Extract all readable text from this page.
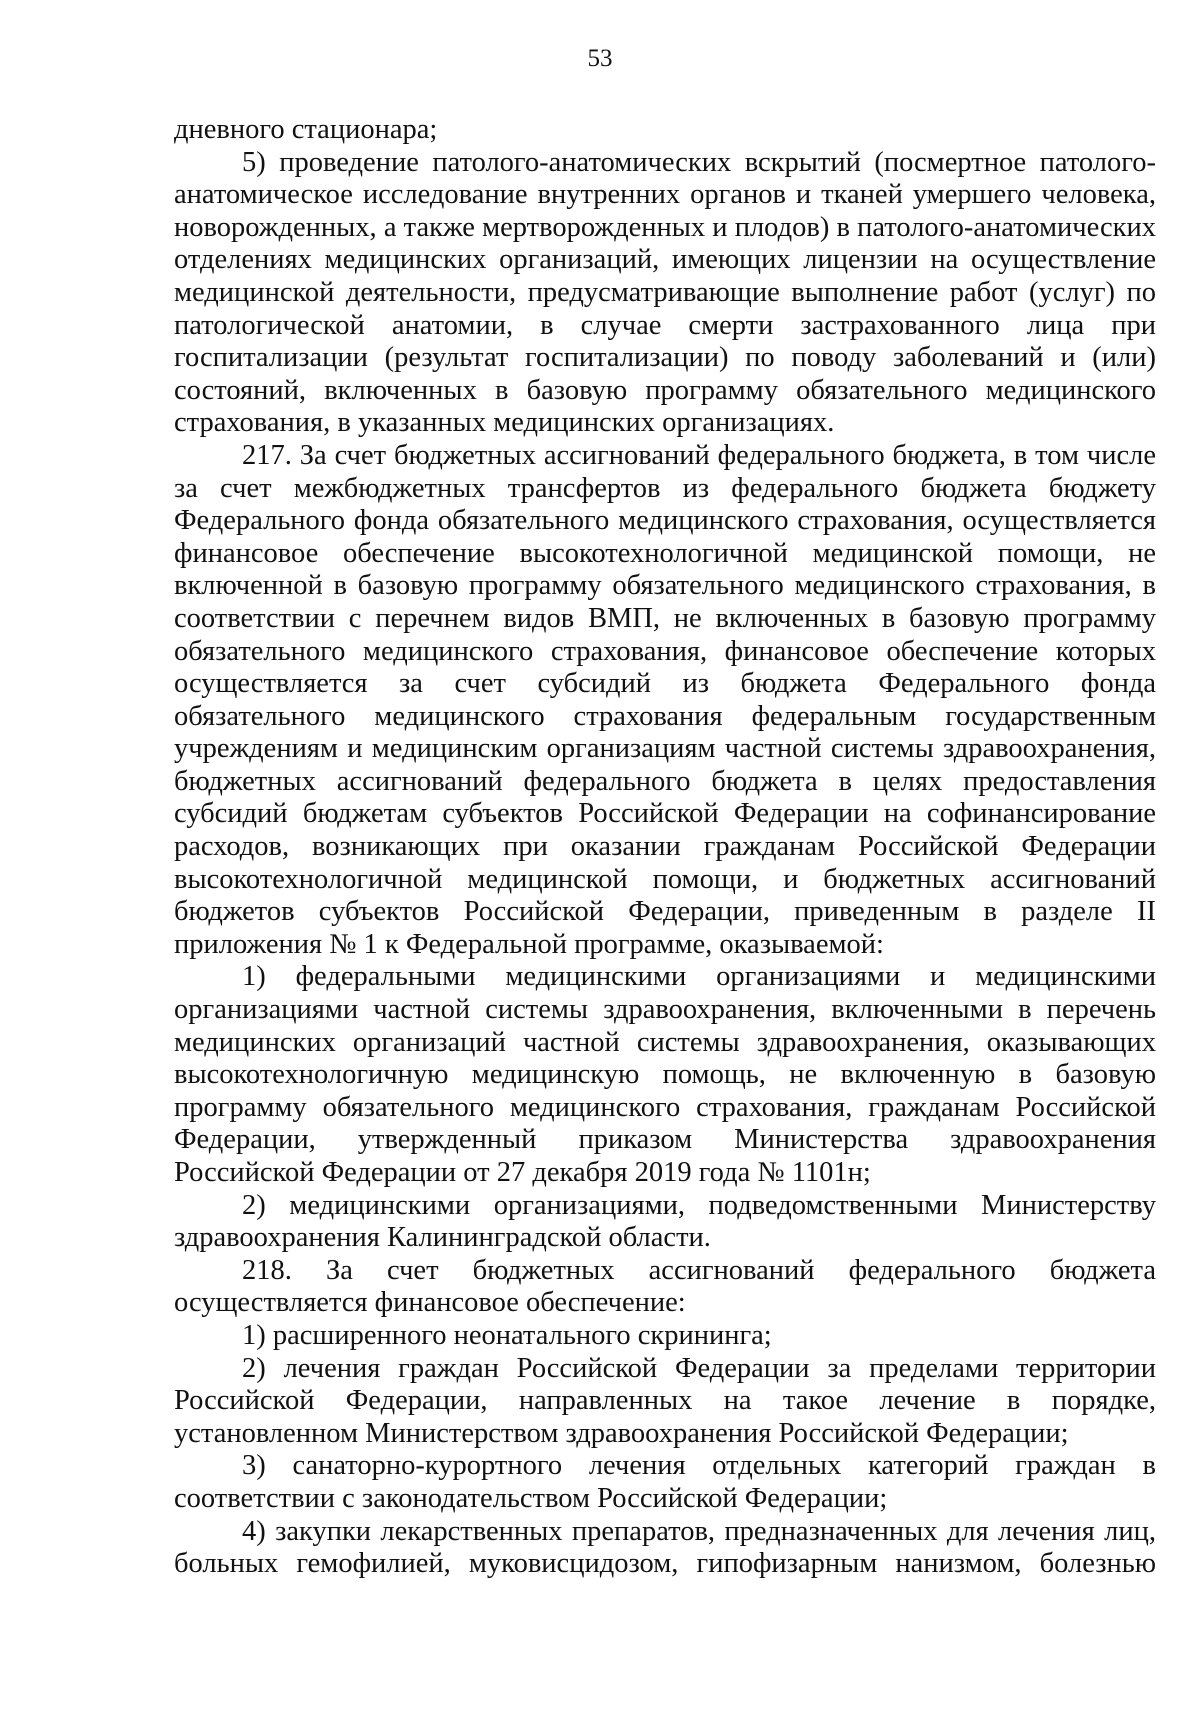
53

дневного стационара;

5) проведение патолого-анатомических вскрытий (посмертное патолого-анатомическое исследование внутренних органов и тканей умершего человека, новорожденных, а также мертворожденных и плодов) в патолого-анатомических отделениях медицинских организаций, имеющих лицензии на осуществление медицинской деятельности, предусматривающие выполнение работ (услуг) по патологической анатомии, в случае смерти застрахованного лица при госпитализации (результат госпитализации) по поводу заболеваний и (или) состояний, включенных в базовую программу обязательного медицинского страхования, в указанных медицинских организациях.

217. За счет бюджетных ассигнований федерального бюджета, в том числе за счет межбюджетных трансфертов из федерального бюджета бюджету Федерального фонда обязательного медицинского страхования, осуществляется финансовое обеспечение высокотехнологичной медицинской помощи, не включенной в базовую программу обязательного медицинского страхования, в соответствии с перечнем видов ВМП, не включенных в базовую программу обязательного медицинского страхования, финансовое обеспечение которых осуществляется за счет субсидий из бюджета Федерального фонда обязательного медицинского страхования федеральным государственным учреждениям и медицинским организациям частной системы здравоохранения, бюджетных ассигнований федерального бюджета в целях предоставления субсидий бюджетам субъектов Российской Федерации на софинансирование расходов, возникающих при оказании гражданам Российской Федерации высокотехнологичной медицинской помощи, и бюджетных ассигнований бюджетов субъектов Российской Федерации, приведенным в разделе II приложения № 1 к Федеральной программе, оказываемой:

1) федеральными медицинскими организациями и медицинскими организациями частной системы здравоохранения, включенными в перечень медицинских организаций частной системы здравоохранения, оказывающих высокотехнологичную медицинскую помощь, не включенную в базовую программу обязательного медицинского страхования, гражданам Российской Федерации, утвержденный приказом Министерства здравоохранения Российской Федерации от 27 декабря 2019 года № 1101н;

2) медицинскими организациями, подведомственными Министерству здравоохранения Калининградской области.

218. За счет бюджетных ассигнований федерального бюджета осуществляется финансовое обеспечение:

1) расширенного неонатального скрининга;

2) лечения граждан Российской Федерации за пределами территории Российской Федерации, направленных на такое лечение в порядке, установленном Министерством здравоохранения Российской Федерации;

3) санаторно-курортного лечения отдельных категорий граждан в соответствии с законодательством Российской Федерации;

4) закупки лекарственных препаратов, предназначенных для лечения лиц, больных гемофилией, муковисцидозом, гипофизарным нанизмом, болезнью
